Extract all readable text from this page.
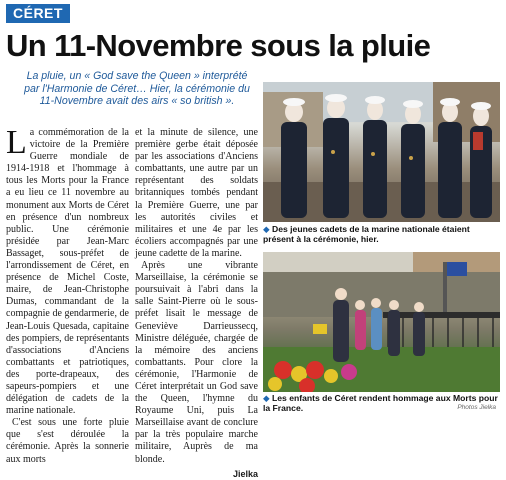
CÉRET
Un 11-Novembre sous la pluie

La pluie, un « God save the Queen » interprété par l'Harmonie de Céret… Hier, la cérémonie du 11-Novembre avait des airs « so british ».

La commémoration de la victoire de la Première Guerre mondiale de 1914-1918 et l'hommage à tous les Morts pour la France a eu lieu ce 11 novembre au monument aux Morts de Céret en présence d'un nombreux public. Une cérémonie présidée par Jean-Marc Bassaget, sous-préfet de l'arrondissement de Céret, en présence de Michel Coste, maire, de Jean-Christophe Dumas, commandant de la compagnie de gendarmerie, de Jean-Louis Quesada, capitaine des pompiers, de représentants d'associations d'Anciens combattants et patriotiques, des porte-drapeaux, des sapeurs-pompiers et une délégation de cadets de la marine nationale.

C'est sous une forte pluie que s'est déroulée la cérémonie. Après la sonnerie aux morts

et la minute de silence, une première gerbe était déposée par les associations d'Anciens combattants, une autre par un représentant des soldats britanniques tombés pendant la Première Guerre, une par les autorités civiles et militaires et une 4e par les écoliers accompagnés par une jeune cadette de la marine.

Après une vibrante Marseillaise, la cérémonie se poursuivait à l'abri dans la salle Saint-Pierre où le sous-préfet lisait le message de Geneviève Darrieussecq, Ministre déléguée, chargée de la mémoire des anciens combattants. Pour clore la cérémonie, l'Harmonie de Céret interprétait un God save the Queen, l'hymne du Royaume Uni, puis La Marseillaise avant de conclure par la très populaire marche militaire, Auprès de ma blonde.

Jielka
◆ Des jeunes cadets de la marine nationale étaient présent à la cérémonie, hier.
◆ Les enfants de Céret rendent hommage aux Morts pour la France.	Photos Jielka
